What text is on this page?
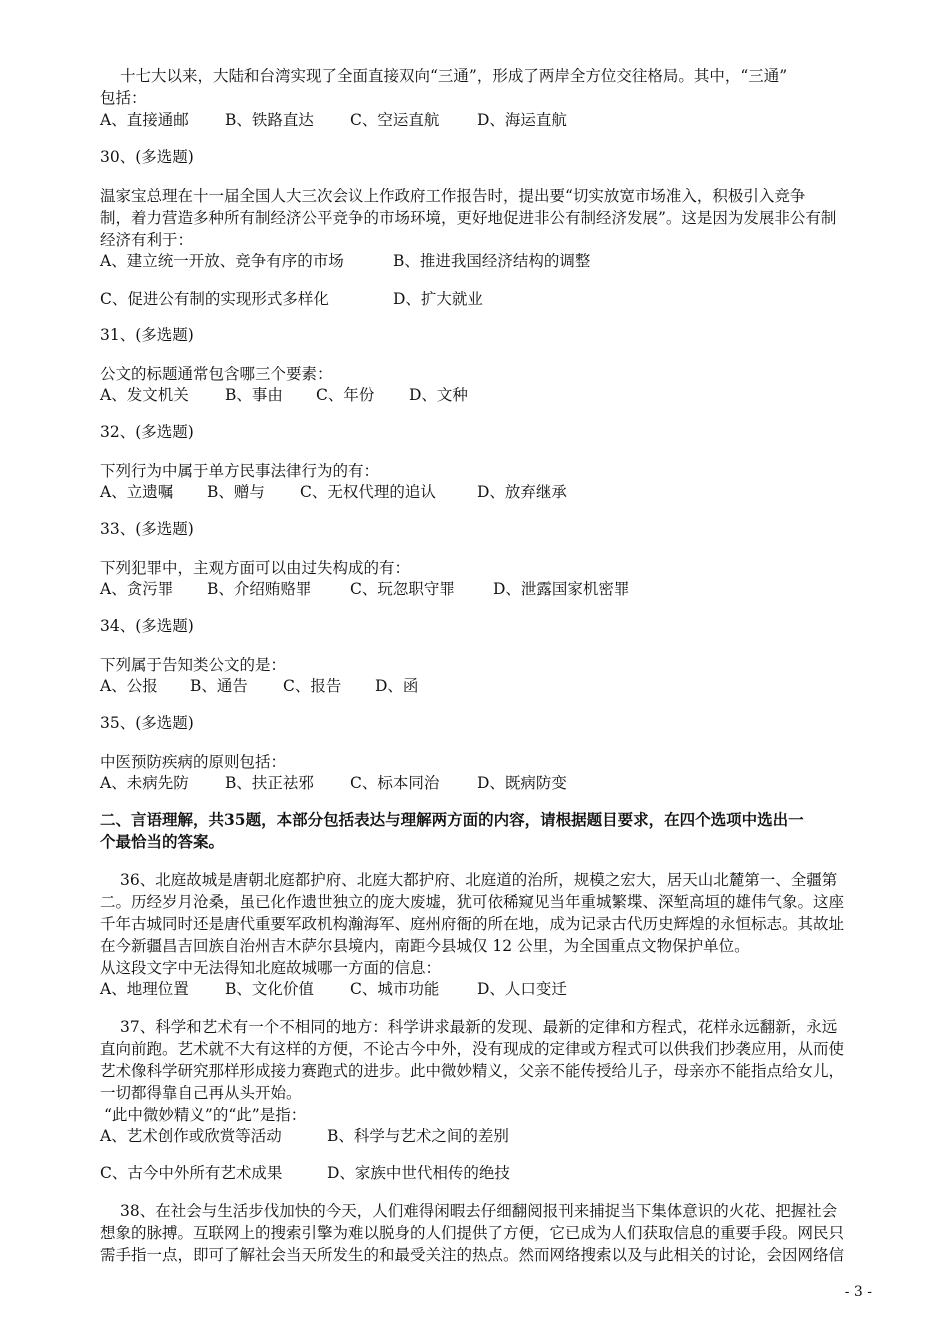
十七大以来，大陆和台湾实现了全面直接双向“三通”，形成了两岸全方位交往格局。其中，“三通”
包括：
A、直接通邮 B、铁路直达 C、空运直航 D、海运直航
30、(多选题)
温家宝总理在十一届全国人大三次会议上作政府工作报告时，提出要“切实放宽市场准入，积极引入竞争
制，着力营造多种所有制经济公平竞争的市场环境，更好地促进非公有制经济发展”。这是因为发展非公有制
经济有利于：
A、建立统一开放、竞争有序的市场	B、推进我国经济结构的调整
C、促进公有制的实现形式多样化	D、扩大就业
31、(多选题)
公文的标题通常包含哪三个要素：
A、发文机关 B、事由 C、年份 D、文种
32、(多选题)
下列行为中属于单方民事法律行为的有：
A、立遗嘱 B、赠与 C、无权代理的追认	D、放弃继承
33、(多选题)
下列犯罪中，主观方面可以由过失构成的有：
A、贪污罪 B、介绍贿赂罪 C、玩忽职守罪 D、泄露国家机密罪
34、(多选题)
下列属于告知类公文的是：
A、公报 B、通告 C、报告 D、函
35、(多选题)
中医预防疾病的原则包括：
A、未病先防 B、扶正祛邪 C、标本同治 D、既病防变
二、言语理解，共35题，本部分包括表达与理解两方面的内容，请根据题目要求，在四个选项中选出一
个最恰当的答案。
36、北庭故城是唐朝北庭都护府、北庭大都护府、北庭道的治所，规模之宏大，居天山北麓第一、全疆第
二。历经岁月沧桑，虽已化作遗世独立的庞大废墟，犹可依稀窥见当年重城繁堞、深堑高垣的雄伟气象。这座
千年古城同时还是唐代重要军政机构瀚海军、庭州府衙的所在地，成为记录古代历史辉煌的永恒标志。其故址
在今新疆昌吉回族自治州吉木萨尔县境内，南距今县城仅 12 公里，为全国重点文物保护单位。
从这段文字中无法得知北庭故城哪一方面的信息：
A、地理位置 B、文化价值 C、城市功能 D、人口变迁
37、科学和艺术有一个不相同的地方：科学讲求最新的发现、最新的定律和方程式，花样永远翻新，永远
直向前跑。艺术就不大有这样的方便，不论古今中外，没有现成的定律或方程式可以供我们抄袭应用，从而使
艺术像科学研究那样形成接力赛跑式的进步。此中微妙精义，父亲不能传授给儿子，母亲亦不能指点给女儿，
一切都得靠自己再从头开始。
“此中微妙精义”的“此”是指：
A、艺术创作或欣赏等活动	B、科学与艺术之间的差别
C、古今中外所有艺术成果	D、家族中世代相传的绝技
38、在社会与生活步伐加快的今天，人们难得闲暇去仔细翻阅报刊来捕捉当下集体意识的火花、把握社会
想象的脉搏。互联网上的搜索引擎为难以脱身的人们提供了方便，它已成为人们获取信息的重要手段。网民只
需手指一点，即可了解社会当天所发生的和最受关注的热点。然而网络搜索以及与此相关的讨论，会因网络信
- 3 -
